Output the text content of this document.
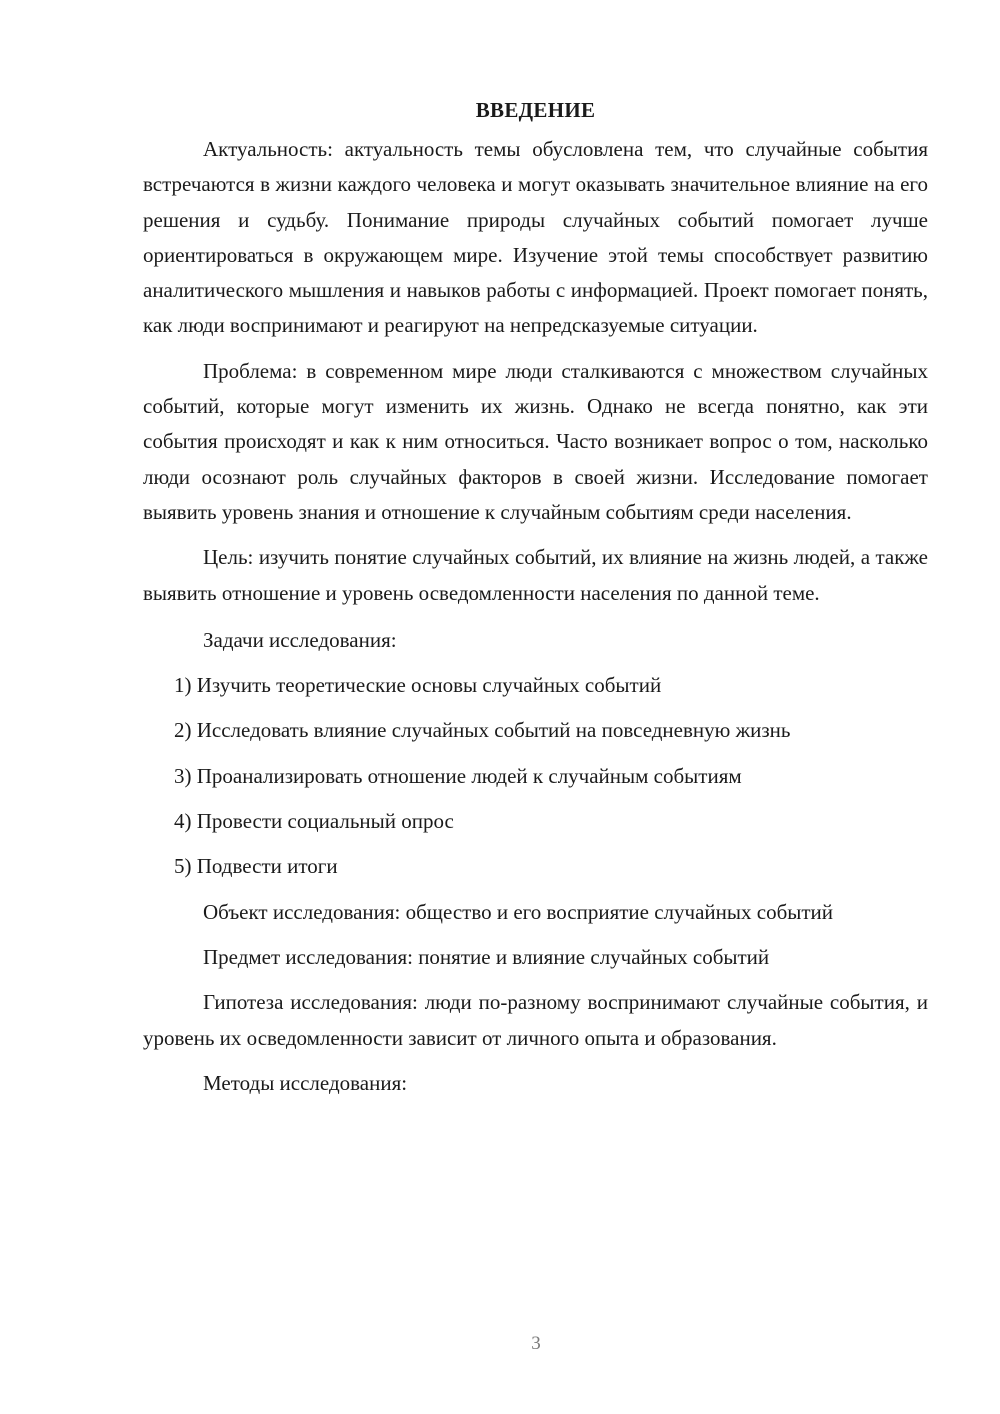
ВВЕДЕНИЕ

Актуальность: актуальность темы обусловлена тем, что случайные события встречаются в жизни каждого человека и могут оказывать значительное влияние на его решения и судьбу. Понимание природы случайных событий помогает лучше ориентироваться в окружающем мире. Изучение этой темы способствует развитию аналитического мышления и навыков работы с информацией. Проект помогает понять, как люди воспринимают и реагируют на непредсказуемые ситуации.

Проблема: в современном мире люди сталкиваются с множеством случайных событий, которые могут изменить их жизнь. Однако не всегда понятно, как эти события происходят и как к ним относиться. Часто возникает вопрос о том, насколько люди осознают роль случайных факторов в своей жизни. Исследование помогает выявить уровень знания и отношение к случайным событиям среди населения.

Цель: изучить понятие случайных событий, их влияние на жизнь людей, а также выявить отношение и уровень осведомленности населения по данной теме.

Задачи исследования:

1) Изучить теоретические основы случайных событий
2) Исследовать влияние случайных событий на повседневную жизнь
3) Проанализировать отношение людей к случайным событиям
4) Провести социальный опрос
5) Подвести итоги

Объект исследования: общество и его восприятие случайных событий

Предмет исследования: понятие и влияние случайных событий

Гипотеза исследования: люди по-разному воспринимают случайные события, и уровень их осведомленности зависит от личного опыта и образования.

Методы исследования:

3
